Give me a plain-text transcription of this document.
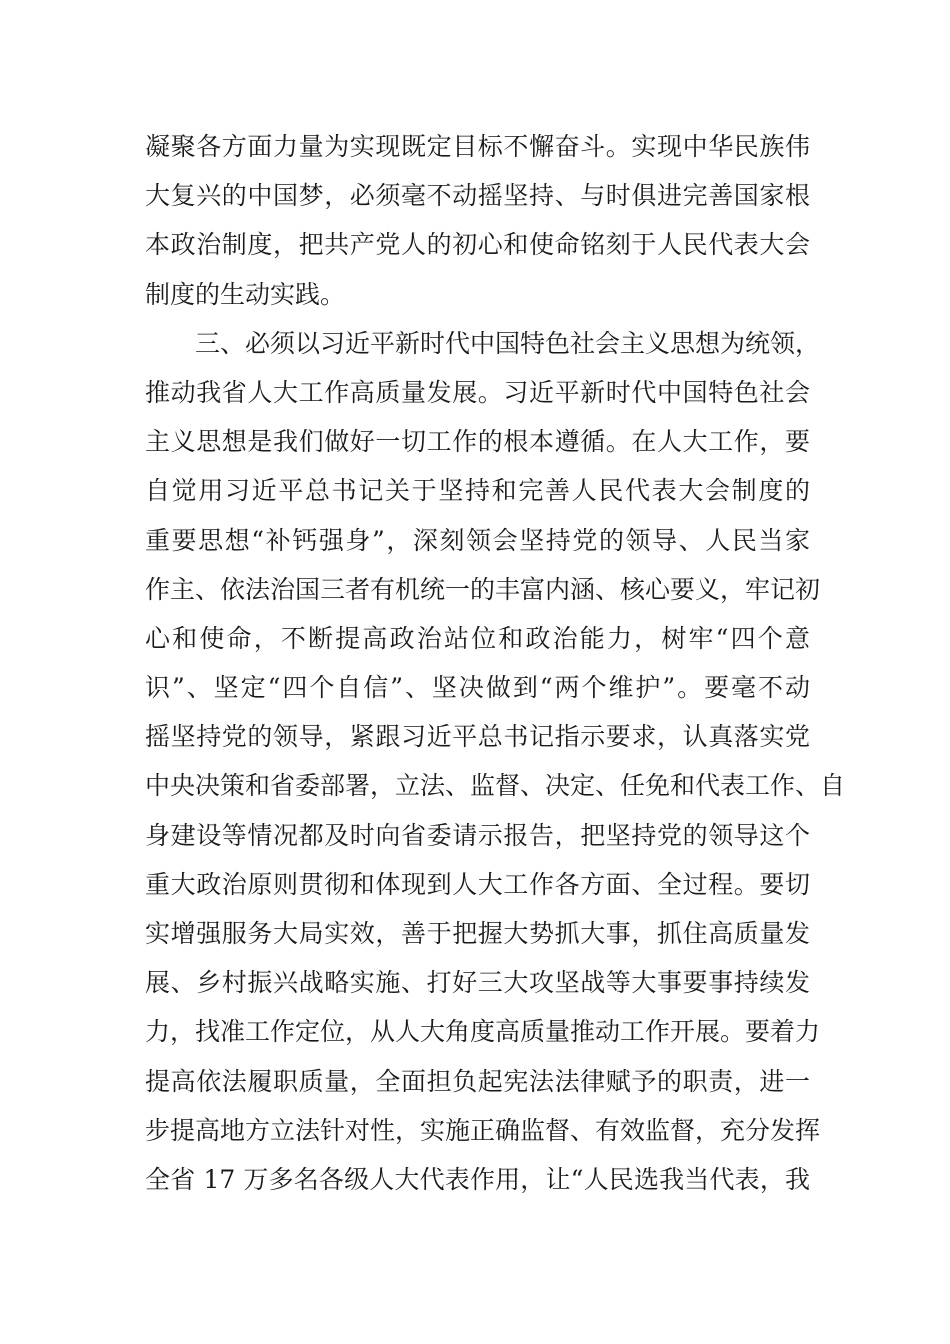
凝聚各方面力量为实现既定目标不懈奋斗。实现中华民族伟
大复兴的中国梦，必须毫不动摇坚持、与时俱进完善国家根
本政治制度，把共产党人的初心和使命铭刻于人民代表大会
制度的生动实践。
三、必须以习近平新时代中国特色社会主义思想为统领，
推动我省人大工作高质量发展。习近平新时代中国特色社会
主义思想是我们做好一切工作的根本遵循。在人大工作，要
自觉用习近平总书记关于坚持和完善人民代表大会制度的
重要思想“补钙强身”，深刻领会坚持党的领导、人民当家
作主、依法治国三者有机统一的丰富内涵、核心要义，牢记初
心和使命，不断提高政治站位和政治能力，树牢“四个意
识”、坚定“四个自信”、坚决做到“两个维护”。要毫不动
摇坚持党的领导，紧跟习近平总书记指示要求，认真落实党
中央决策和省委部署，立法、监督、决定、任免和代表工作、自
身建设等情况都及时向省委请示报告，把坚持党的领导这个
重大政治原则贯彻和体现到人大工作各方面、全过程。要切
实增强服务大局实效，善于把握大势抓大事，抓住高质量发
展、乡村振兴战略实施、打好三大攻坚战等大事要事持续发
力，找准工作定位，从人大角度高质量推动工作开展。要着力
提高依法履职质量，全面担负起宪法法律赋予的职责，进一
步提高地方立法针对性，实施正确监督、有效监督，充分发挥
全省 17 万多名各级人大代表作用，让“人民选我当代表，我
